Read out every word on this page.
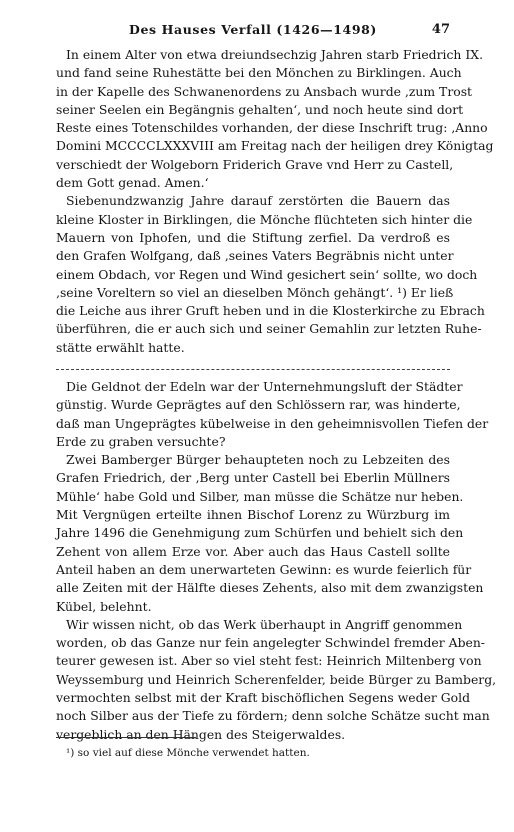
Des Hauses Verfall (1426—1498)	47
In einem Alter von etwa dreiundsechzig Jahren starb Friedrich IX.
und fand seine Ruhestätte bei den Mönchen zu Birklingen. Auch
in der Kapelle des Schwanenordens zu Ansbach wurde ‚zum Trost
seiner Seelen ein Begängnis gehalten‘, und noch heute sind dort
Reste eines Totenschildes vorhanden, der diese Inschrift trug: ‚Anno
Domini MCCCCLXXXVIII am Freitag nach der heiligen drey Königtag
verschiedt der Wolgeborn Friderich Grave vnd Herr zu Castell,
dem Gott genad. Amen.‘
Siebenundzwanzig Jahre darauf zerstörten die Bauern das
kleine Kloster in Birklingen, die Mönche flüchteten sich hinter die
Mauern von Iphofen, und die Stiftung zerfiel. Da verdroß es
den Grafen Wolfgang, daß ‚seines Vaters Begräbnis nicht unter
einem Obdach, vor Regen und Wind gesichert sein‘ sollte, wo doch
‚seine Voreltern so viel an dieselben Mönch gehängt‘. ¹) Er ließ
die Leiche aus ihrer Gruft heben und in die Klosterkirche zu Ebrach
überführen, die er auch sich und seiner Gemahlin zur letzten Ruhe-
stätte erwählt hatte.
Die Geldnot der Edeln war der Unternehmungsluft der Städter
günstig. Wurde Geprägtes auf den Schlössern rar, was hinderte,
daß man Ungeprägtes kübelweise in den geheimnisvollen Tiefen der
Erde zu graben versuchte?
Zwei Bamberger Bürger behaupteten noch zu Lebzeiten des
Grafen Friedrich, der ‚Berg unter Castell bei Eberlin Müllners
Mühle‘ habe Gold und Silber, man müsse die Schätze nur heben.
Mit Vergnügen erteilte ihnen Bischof Lorenz zu Würzburg im
Jahre 1496 die Genehmigung zum Schürfen und behielt sich den
Zehent von allem Erze vor. Aber auch das Haus Castell sollte
Anteil haben an dem unerwarteten Gewinn: es wurde feierlich für
alle Zeiten mit der Hälfte dieses Zehents, also mit dem zwanzigsten
Kübel, belehnt.
Wir wissen nicht, ob das Werk überhaupt in Angriff genommen
worden, ob das Ganze nur fein angelegter Schwindel fremder Aben-
teurer gewesen ist. Aber so viel steht fest: Heinrich Miltenberg von
Weyssemburg und Heinrich Scherenfelder, beide Bürger zu Bamberg,
vermochten selbst mit der Kraft bischöflichen Segens weder Gold
noch Silber aus der Tiefe zu fördern; denn solche Schätze sucht man
vergeblich an den Hängen des Steigerwaldes.
¹) so viel auf diese Mönche verwendet hatten.
